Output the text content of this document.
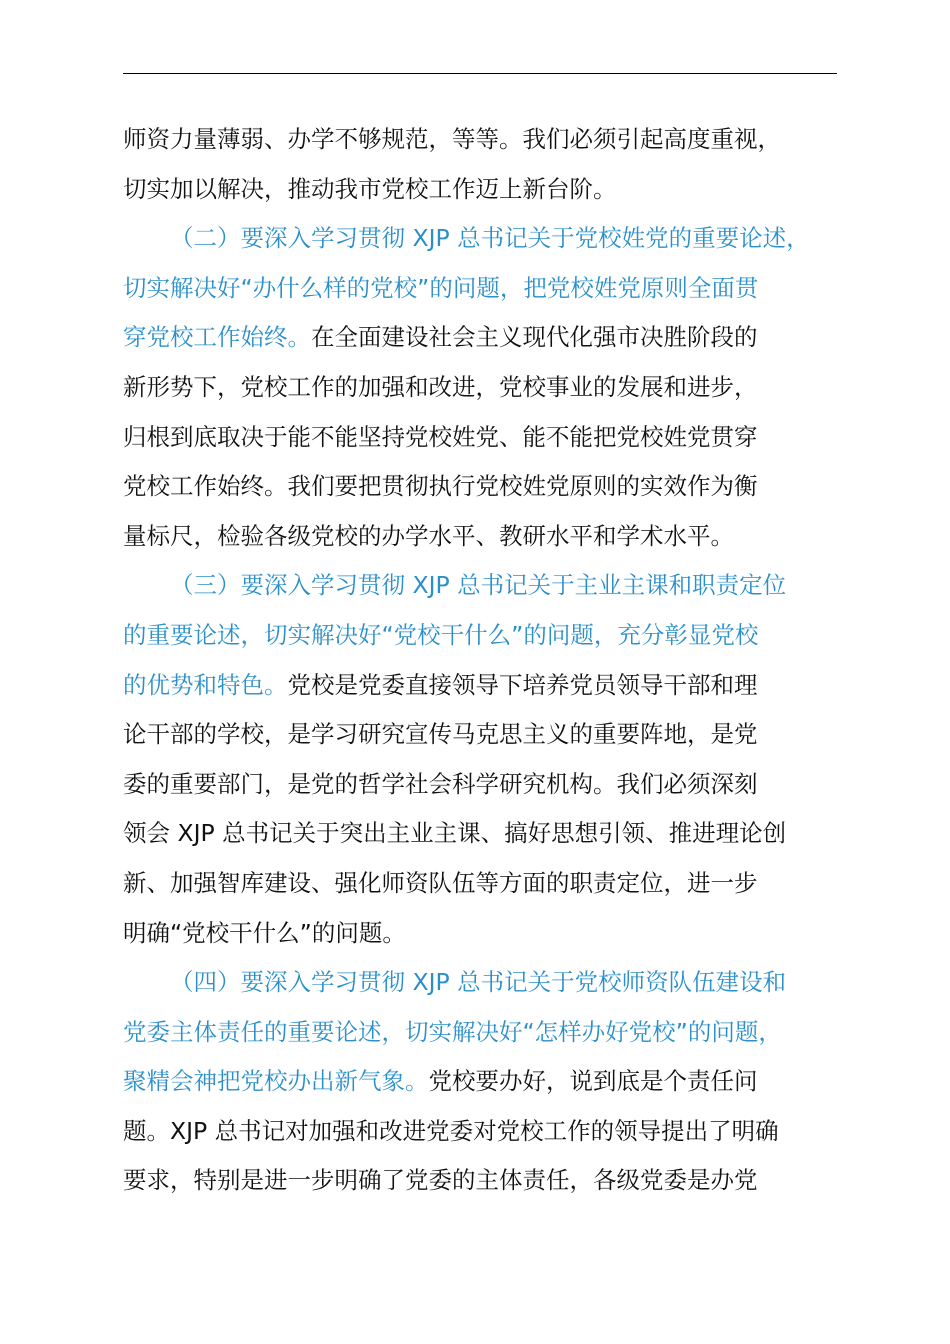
师资力量薄弱、办学不够规范，等等。我们必须引起高度重视，
切实加以解决，推动我市党校工作迈上新台阶。
（二）要深入学习贯彻 XJP 总书记关于党校姓党的重要论述，
切实解决好“办什么样的党校”的问题，把党校姓党原则全面贯
穿党校工作始终。在全面建设社会主义现代化强市决胜阶段的
新形势下，党校工作的加强和改进，党校事业的发展和进步，
归根到底取决于能不能坚持党校姓党、能不能把党校姓党贯穿
党校工作始终。我们要把贯彻执行党校姓党原则的实效作为衡
量标尺，检验各级党校的办学水平、教研水平和学术水平。
（三）要深入学习贯彻 XJP 总书记关于主业主课和职责定位
的重要论述，切实解决好“党校干什么”的问题，充分彰显党校
的优势和特色。党校是党委直接领导下培养党员领导干部和理
论干部的学校，是学习研究宣传马克思主义的重要阵地，是党
委的重要部门，是党的哲学社会科学研究机构。我们必须深刻
领会 XJP 总书记关于突出主业主课、搞好思想引领、推进理论创
新、加强智库建设、强化师资队伍等方面的职责定位，进一步
明确“党校干什么”的问题。
（四）要深入学习贯彻 XJP 总书记关于党校师资队伍建设和
党委主体责任的重要论述，切实解决好“怎样办好党校”的问题，
聚精会神把党校办出新气象。党校要办好，说到底是个责任问
题。XJP 总书记对加强和改进党委对党校工作的领导提出了明确
要求，特别是进一步明确了党委的主体责任，各级党委是办党
